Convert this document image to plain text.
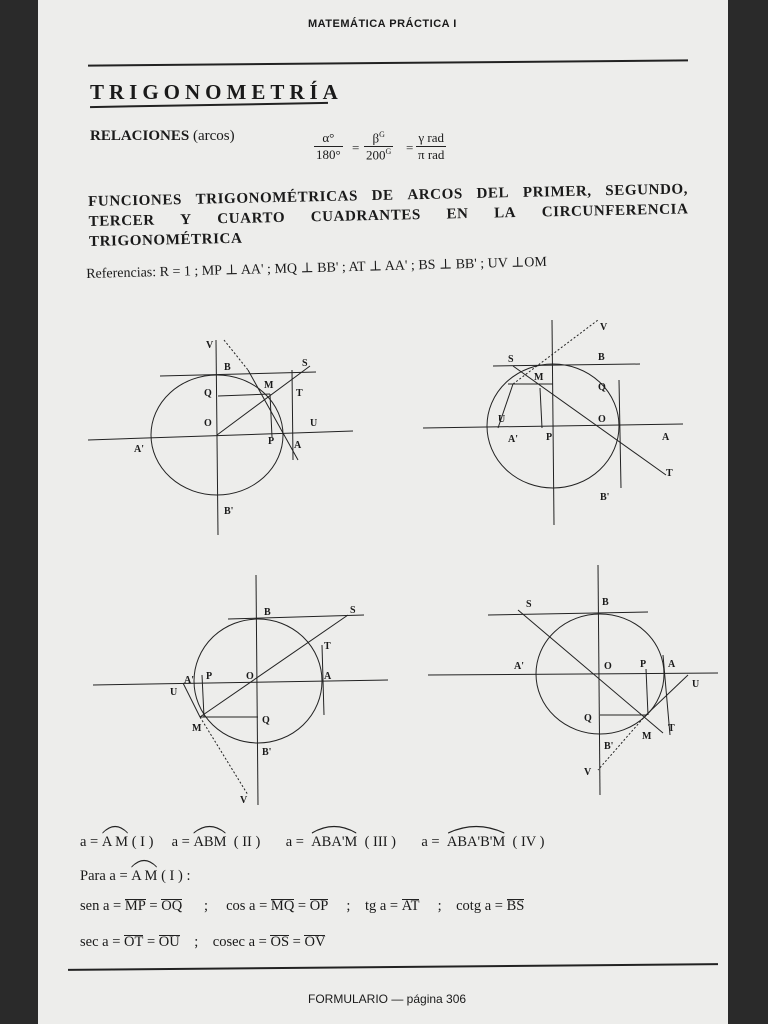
MATEMÁTICA PRÁCTICA I
TRIGONOMETRÍA
RELACIONES (arcos)	$\frac{\alpha^\circ}{180^\circ} = \frac{\beta^G}{200^G}$ =
γ rad
π rad
FUNCIONES TRIGONOMÉTRICAS DE ARCOS DEL PRIMER, SEGUNDO,
TERCER Y CUARTO CUADRANTES EN LA CIRCUNFERENCIA
TRIGONOMÉTRICA
Referencias: R = 1 ; MP ⊥ AA' ; MQ ⊥ BB' ; AT ⊥ AA' ; BS ⊥ BB' ; UV ⊥OM
V
B	S
M
Q	T
O	U
A'
P A
B'
V
S	B
M
Q
U	O
A'	P	A
T
B'
B	S
T
A' P	O
U
A
M
Q
B'
V
S	B
A'	O	P A
U
Q
T
M
B'
V
a = A M ( I ) a = ABM ( II ) a = ABA'M ( III ) a = ABA'B'M ( IV )
Para a = A M ( I ) :
sen a = MP = OQ ; cos a = MQ = OP ; tg a = AT ; cotg a = BS
sec a = OT = OU ; cosec a = OS = OV
FORMULARIO — página 306
